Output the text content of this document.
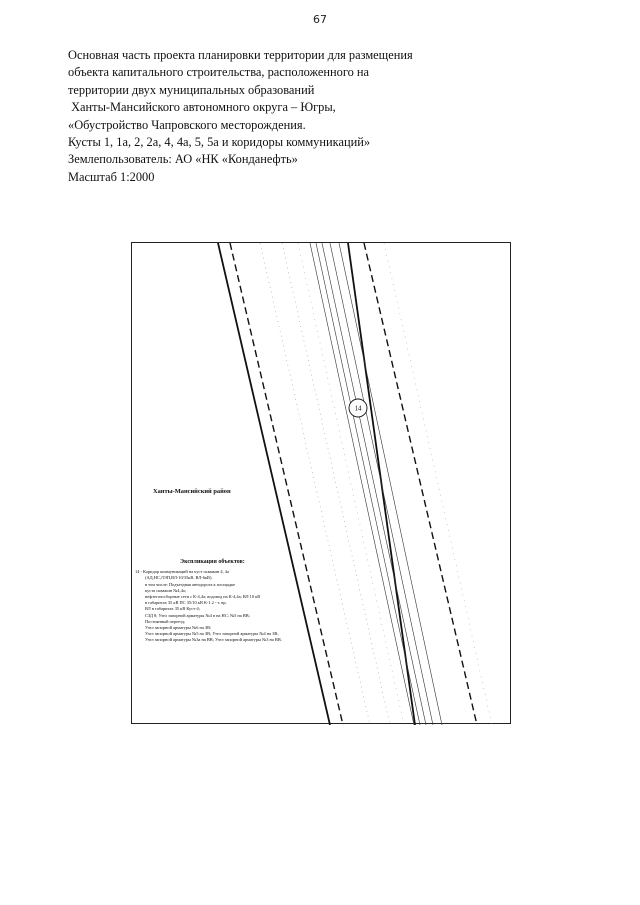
67
Основная часть проекта планировки территории для размещения
объекта капитального строительства, расположенного на
территории двух муниципальных образований
Ханты-Мансийского автономного округа – Югры,
«Обустройство Чапровского месторождения.
Кусты 1, 1а, 2, 2а, 4, 4а, 5, 5а и коридоры коммуникаций»
Землепользователь: АО «НК «Конданефть»
Масштаб 1:2000
14
Ханты-Мансийский район
Экспликация объектов:
14 - Коридор коммуникаций на куст скважин 4, 4а
(АД,НС,ЛЭП,ВЛ-10/35кВ, ВЛ-6кВ).
в том числе: Подъездная автодорога к площадке
куста скважин №4,4а;
нефтегазосборные сети с К-4,4а; водовод на К-4,4а; ВЛ 10 кВ
в габаритах 35 кВ ПС 35/10 кВ К-1.2 - т. вр.
ВЛ в габаритах 35 кВ Куст-4;
СЗД 8; Узел запорной арматуры №4 в на НС; №5 на ВВ;
Постоянный переезд;
Узел запорной арматуры №6 на ЗВ;
Узел запорной арматуры №5 на ЗВ; Узел запорной арматуры №4 на ЗВ;
Узел запорной арматуры №3а на ВВ; Узел запорной арматуры №3 на ВВ.
